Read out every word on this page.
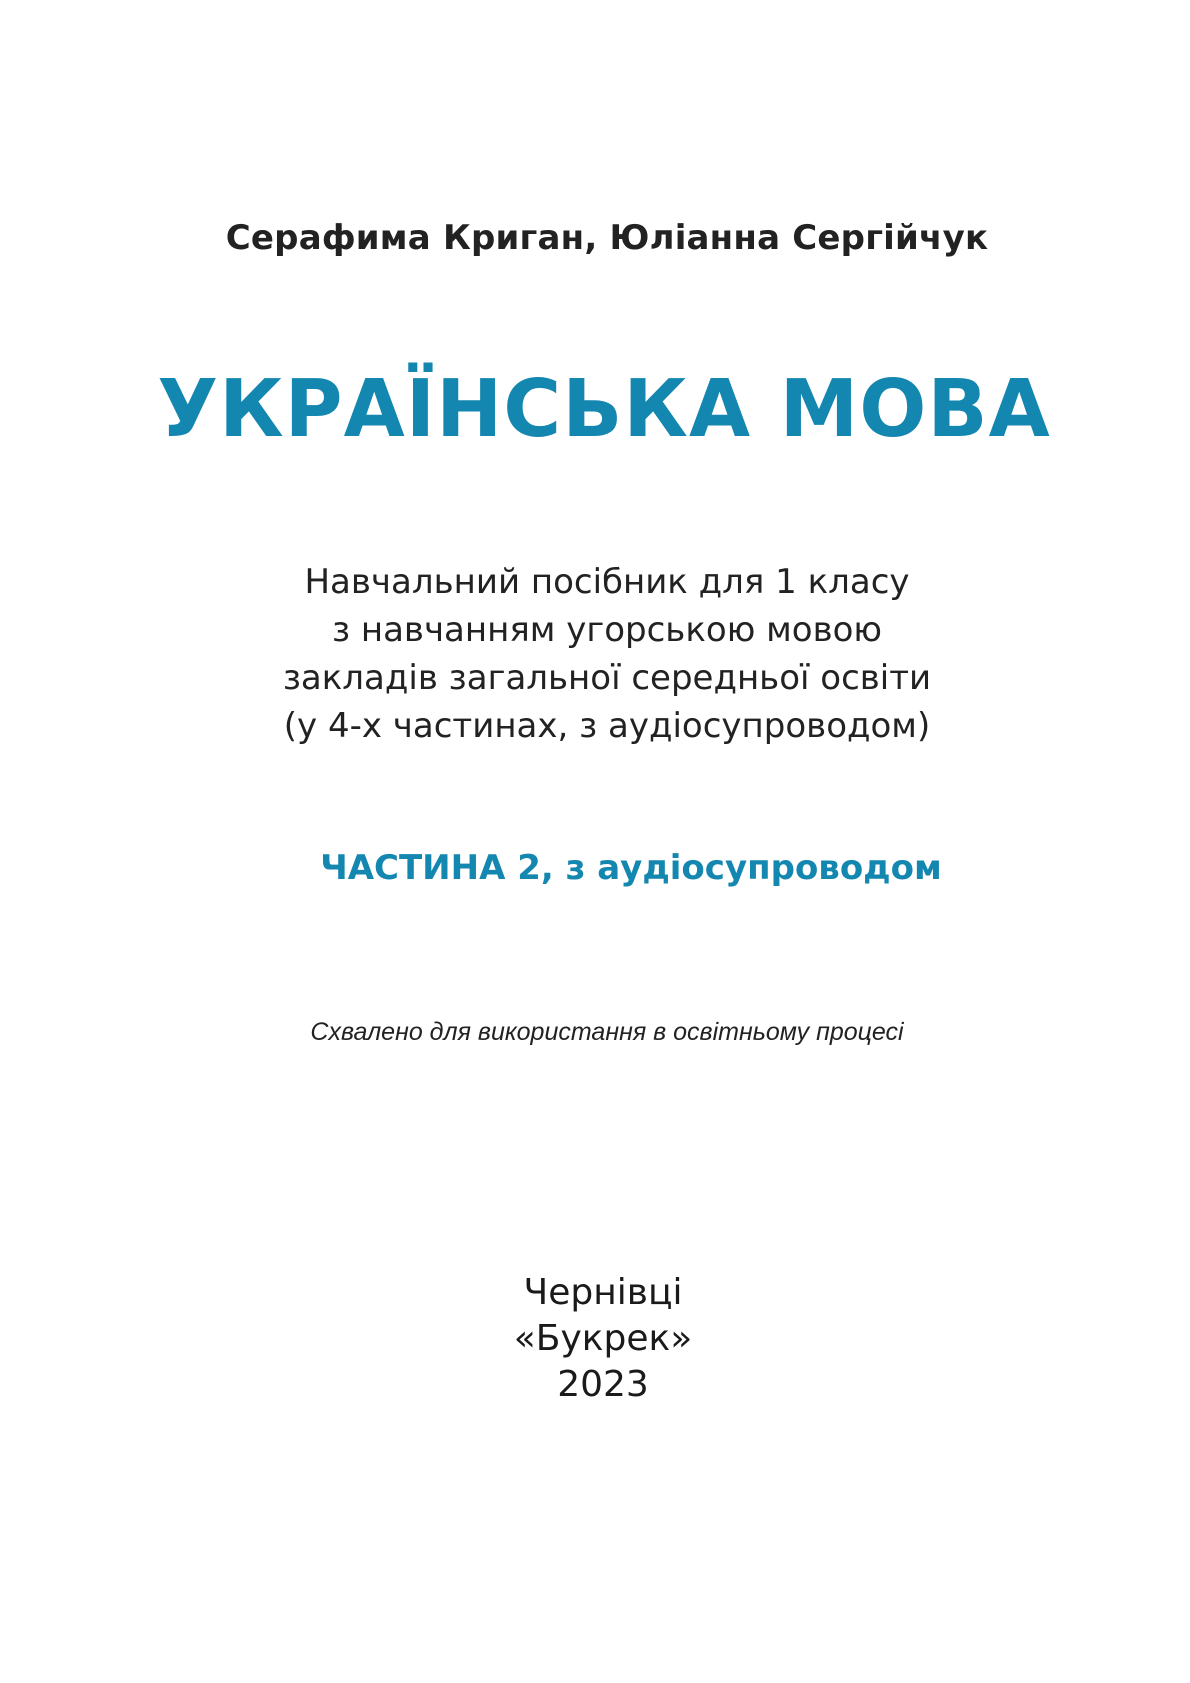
Серафима Криган, Юліанна Сергійчук
УКРАЇНСЬКА МОВА
Навчальний посібник для 1 класу
з навчанням угорською мовою
закладів загальної середньої освіти
(у 4-х частинах, з аудіосупроводом)
ЧАСТИНА 2, з аудіосупроводом
Схвалено для використання в освітньому процесі
Чернівці
«Букрек»
2023
